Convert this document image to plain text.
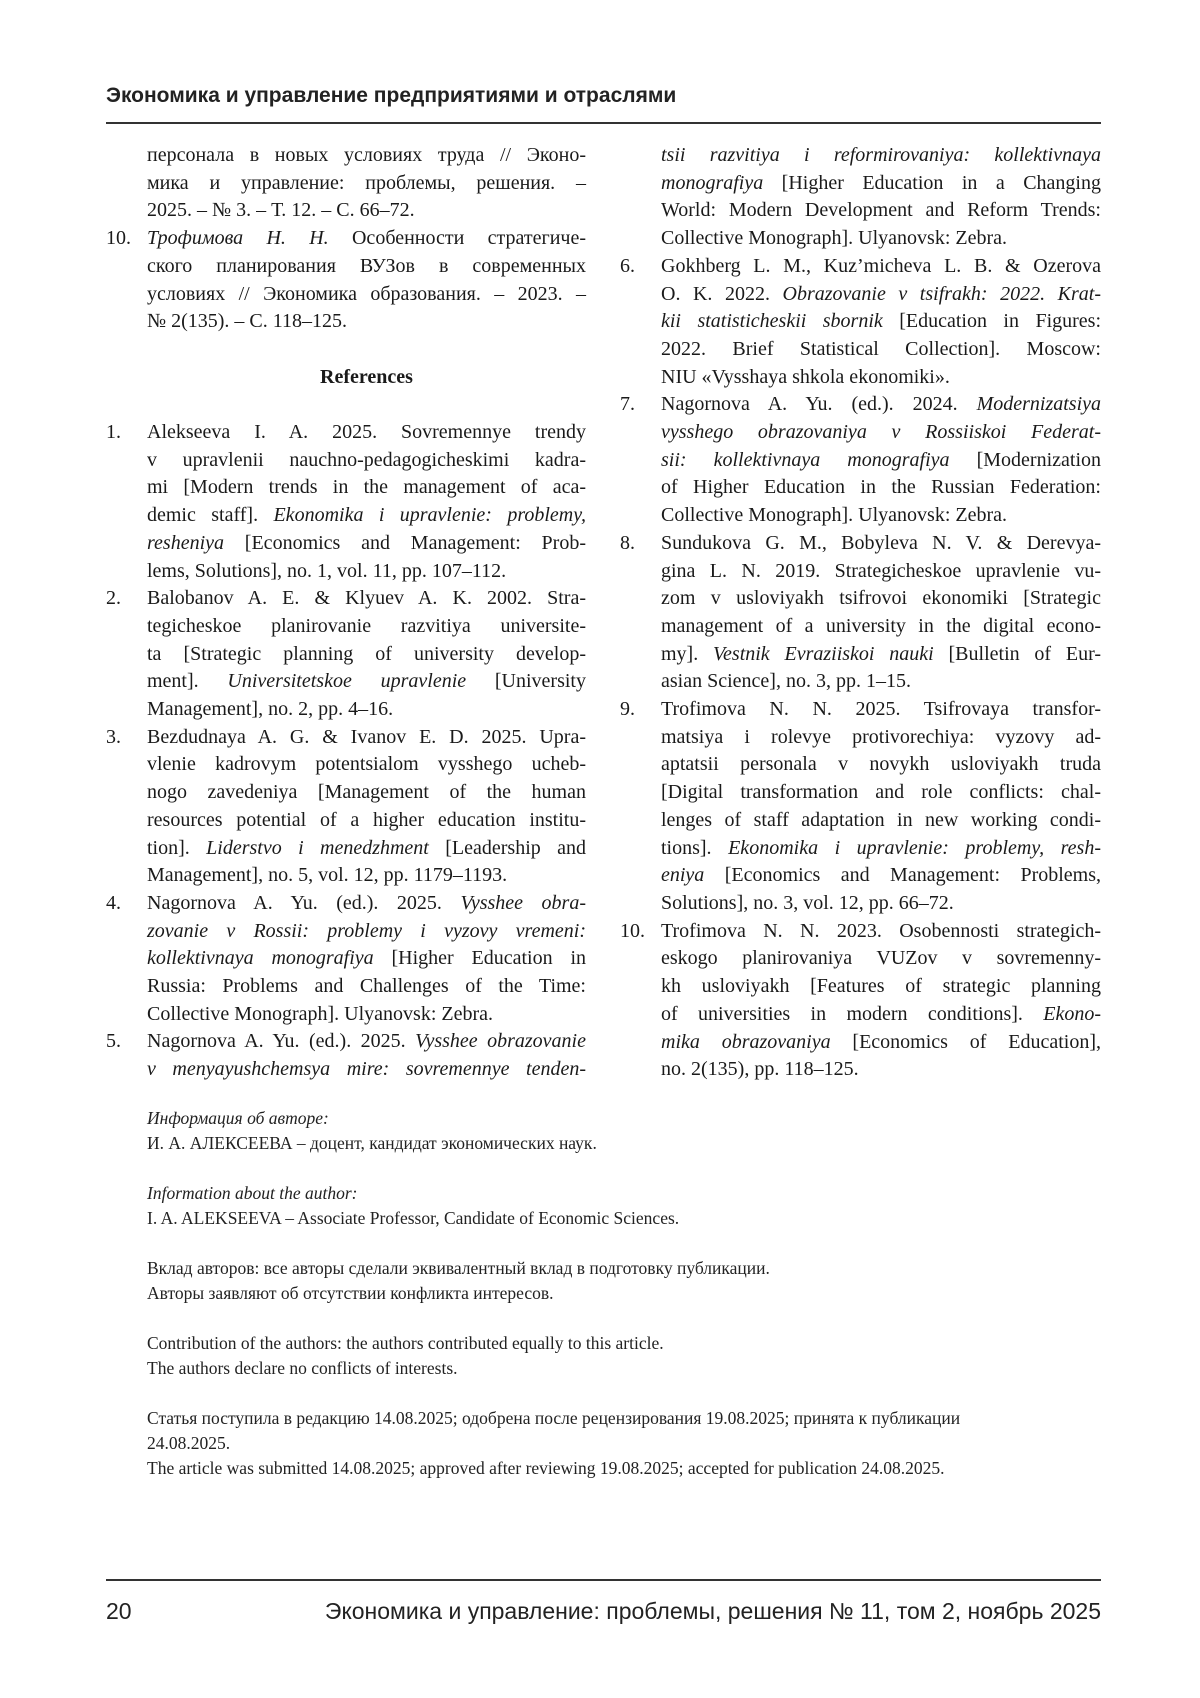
Экономика и управление предприятиями и отраслями
персонала в новых условиях труда // Эконо-
мика и управление: проблемы, решения. –
2025. – № 3. – Т. 12. – С. 66–72.
10. Трофимова Н. Н. Особенности стратегиче-
ского планирования ВУЗов в современных
условиях // Экономика образования. – 2023. –
№ 2(135). – С. 118–125.
References
1. Alekseeva I. A. 2025. Sovremennye trendy
v upravlenii nauchno-pedagogicheskimi kadra-
mi [Modern trends in the management of aca-
demic staff]. Ekonomika i upravlenie: problemy,
resheniya [Economics and Management: Prob-
lems, Solutions], no. 1, vol. 11, pp. 107–112.
2. Balobanov A. E. & Klyuev A. K. 2002. Stra-
tegicheskoe planirovanie razvitiya universite-
ta [Strategic planning of university develop-
ment]. Universitetskoe upravlenie [University
Management], no. 2, pp. 4–16.
3. Bezdudnaya A. G. & Ivanov E. D. 2025. Upra-
vlenie kadrovym potentsialom vysshego ucheb-
nogo zavedeniya [Management of the human
resources potential of a higher education institu-
tion]. Liderstvo i menedzhment [Leadership and
Management], no. 5, vol. 12, pp. 1179–1193.
4. Nagornova A. Yu. (ed.). 2025. Vysshee obra-
zovanie v Rossii: problemy i vyzovy vremeni:
kollektivnaya monografiya [Higher Education in
Russia: Problems and Challenges of the Time:
Collective Monograph]. Ulyanovsk: Zebra.
5. Nagornova A. Yu. (ed.). 2025. Vysshee obrazovanie
v menyayushchemsya mire: sovremennye tenden-
tsii razvitiya i reformirovaniya: kollektivnaya
monografiya [Higher Education in a Changing
World: Modern Development and Reform Trends:
Collective Monograph]. Ulyanovsk: Zebra.
6. Gokhberg L. M., Kuz’micheva L. B. & Ozerova
O. K. 2022. Obrazovanie v tsifrakh: 2022. Krat-
kii statisticheskii sbornik [Education in Figures:
2022. Brief Statistical Collection]. Moscow:
NIU «Vysshaya shkola ekonomiki».
7. Nagornova A. Yu. (ed.). 2024. Modernizatsiya
vysshego obrazovaniya v Rossiiskoi Federat-
sii: kollektivnaya monografiya [Modernization
of Higher Education in the Russian Federation:
Collective Monograph]. Ulyanovsk: Zebra.
8. Sundukova G. M., Bobyleva N. V. & Derevya-
gina L. N. 2019. Strategicheskoe upravlenie vu-
zom v usloviyakh tsifrovoi ekonomiki [Strategic
management of a university in the digital econo-
my]. Vestnik Evraziiskoi nauki [Bulletin of Eur-
asian Science], no. 3, pp. 1–15.
9. Trofimova N. N. 2025. Tsifrovaya transfor-
matsiya i rolevye protivorechiya: vyzovy ad-
aptatsii personala v novykh usloviyakh truda
[Digital transformation and role conflicts: chal-
lenges of staff adaptation in new working condi-
tions]. Ekonomika i upravlenie: problemy, resh-
eniya [Economics and Management: Problems,
Solutions], no. 3, vol. 12, pp. 66–72.
10. Trofimova N. N. 2023. Osobennosti strategich-
eskogo planirovaniya VUZov v sovremenny-
kh usloviyakh [Features of strategic planning
of universities in modern conditions]. Ekono-
mika obrazovaniya [Economics of Education],
no. 2(135), pp. 118–125.

Информация об авторе:
И. А. АЛЕКСЕЕВА – доцент, кандидат экономических наук.

Information about the author:
I. A. ALEKSEEVA – Associate Professor, Candidate of Economic Sciences.

Вклад авторов: все авторы сделали эквивалентный вклад в подготовку публикации.
Авторы заявляют об отсутствии конфликта интересов.

Contribution of the authors: the authors contributed equally to this article.
The authors declare no conflicts of interests.

Статья поступила в редакцию 14.08.2025; одобрена после рецензирования 19.08.2025; принята к публикации
24.08.2025.
The article was submitted 14.08.2025; approved after reviewing 19.08.2025; accepted for publication 24.08.2025.

20	Экономика и управление: проблемы, решения № 11, том 2, ноябрь 2025
